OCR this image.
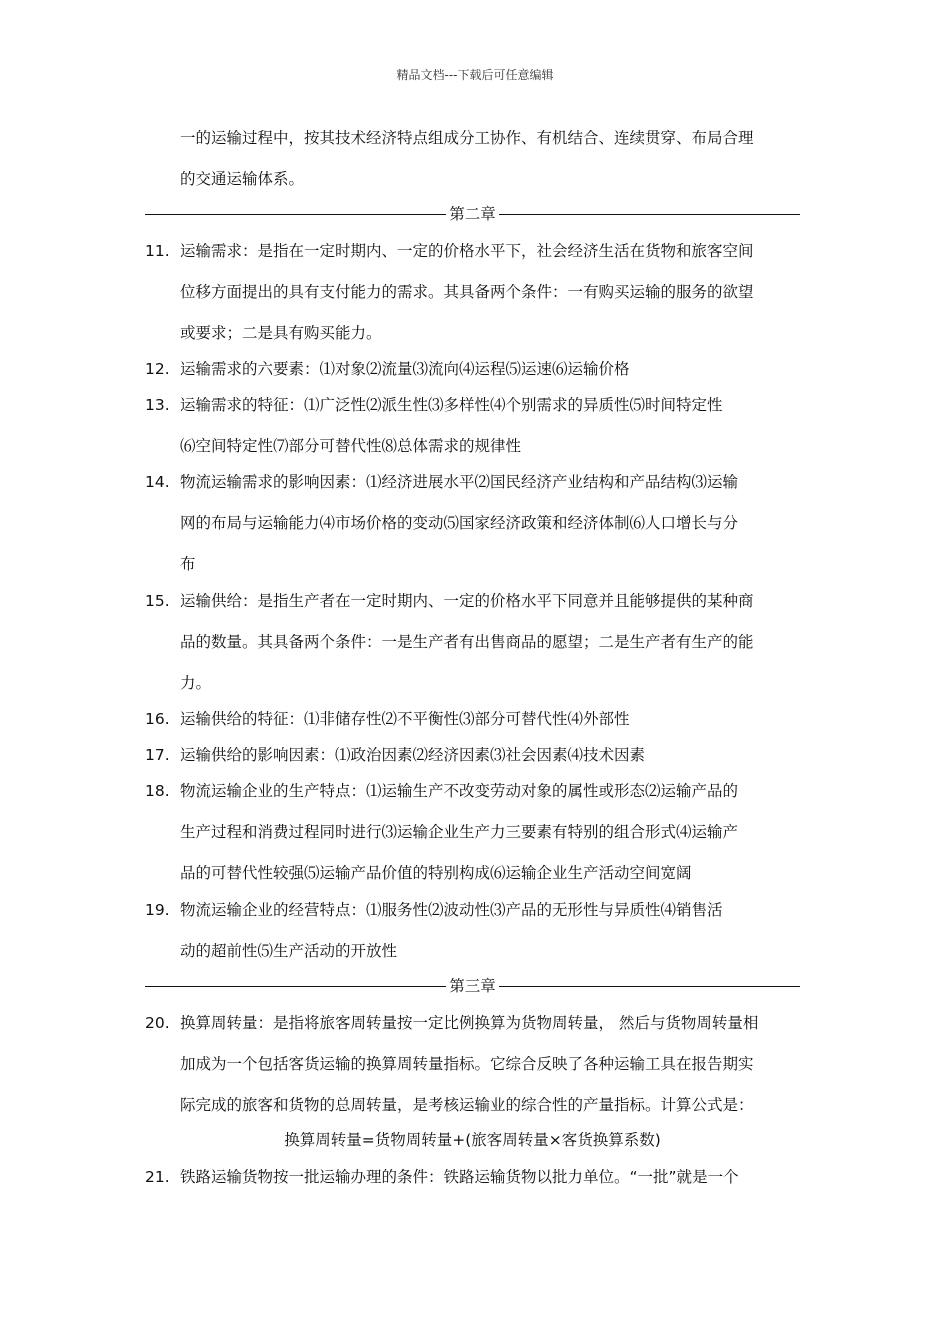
精品文档---下载后可任意编辑
一的运输过程中，按其技术经济特点组成分工协作、有机结合、连续贯穿、布局合理
的交通运输体系。
第二章
11. 运输需求：是指在一定时期内、一定的价格水平下，社会经济生活在货物和旅客空间
位移方面提出的具有支付能力的需求。其具备两个条件：一有购买运输的服务的欲望
或要求；二是具有购买能力。
12. 运输需求的六要素：⑴对象⑵流量⑶流向⑷运程⑸运速⑹运输价格
13. 运输需求的特征：⑴广泛性⑵派生性⑶多样性⑷个别需求的异质性⑸时间特定性
⑹空间特定性⑺部分可替代性⑻总体需求的规律性
14. 物流运输需求的影响因素：⑴经济进展水平⑵国民经济产业结构和产品结构⑶运输
网的布局与运输能力⑷市场价格的变动⑸国家经济政策和经济体制⑹人口增长与分
布
15. 运输供给：是指生产者在一定时期内、一定的价格水平下同意并且能够提供的某种商
品的数量。其具备两个条件：一是生产者有出售商品的愿望；二是生产者有生产的能
力。
16. 运输供给的特征：⑴非储存性⑵不平衡性⑶部分可替代性⑷外部性
17. 运输供给的影响因素：⑴政治因素⑵经济因素⑶社会因素⑷技术因素
18. 物流运输企业的生产特点：⑴运输生产不改变劳动对象的属性或形态⑵运输产品的
生产过程和消费过程同时进行⑶运输企业生产力三要素有特别的组合形式⑷运输产
品的可替代性较强⑸运输产品价值的特别构成⑹运输企业生产活动空间宽阔
19. 物流运输企业的经营特点：⑴服务性⑵波动性⑶产品的无形性与异质性⑷销售活
动的超前性⑸生产活动的开放性
第三章
20. 换算周转量：是指将旅客周转量按一定比例换算为货物周转量， 然后与货物周转量相
加成为一个包括客货运输的换算周转量指标。它综合反映了各种运输工具在报告期实
际完成的旅客和货物的总周转量，是考核运输业的综合性的产量指标。计算公式是：
换算周转量=货物周转量+(旅客周转量×客货换算系数)
21. 铁路运输货物按一批运输办理的条件：铁路运输货物以批力单位。“一批”就是一个
